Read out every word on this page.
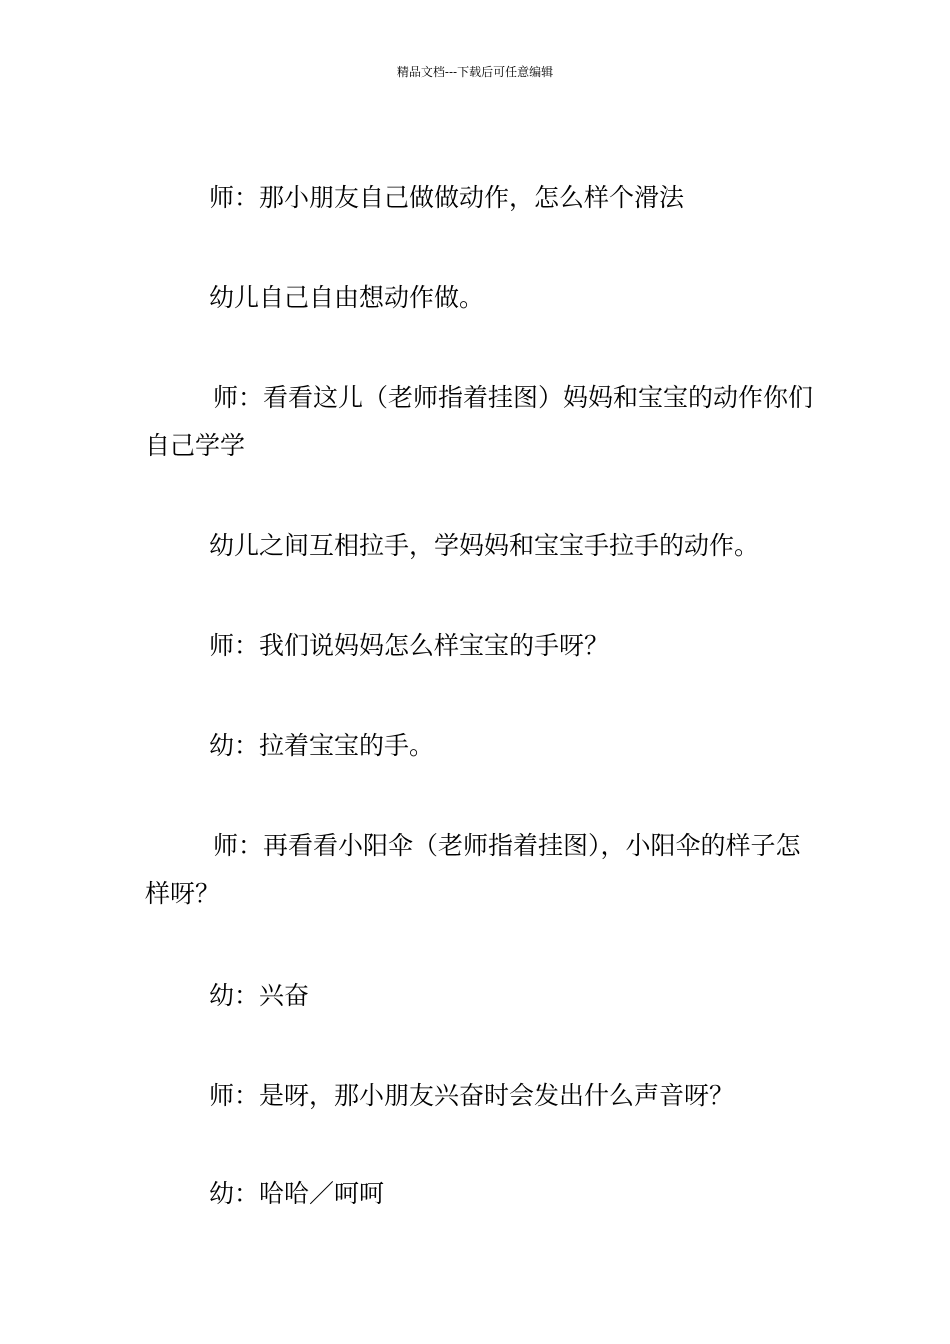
精品文档---下载后可任意编辑

师：那小朋友自己做做动作，怎么样个滑法

幼儿自己自由想动作做。

师：看看这儿（老师指着挂图）妈妈和宝宝的动作你们自己学学

幼儿之间互相拉手，学妈妈和宝宝手拉手的动作。

师：我们说妈妈怎么样宝宝的手呀？

幼：拉着宝宝的手。

师：再看看小阳伞（老师指着挂图），小阳伞的样子怎样呀？

幼：兴奋

师：是呀，那小朋友兴奋时会发出什么声音呀？

幼：哈哈／呵呵
